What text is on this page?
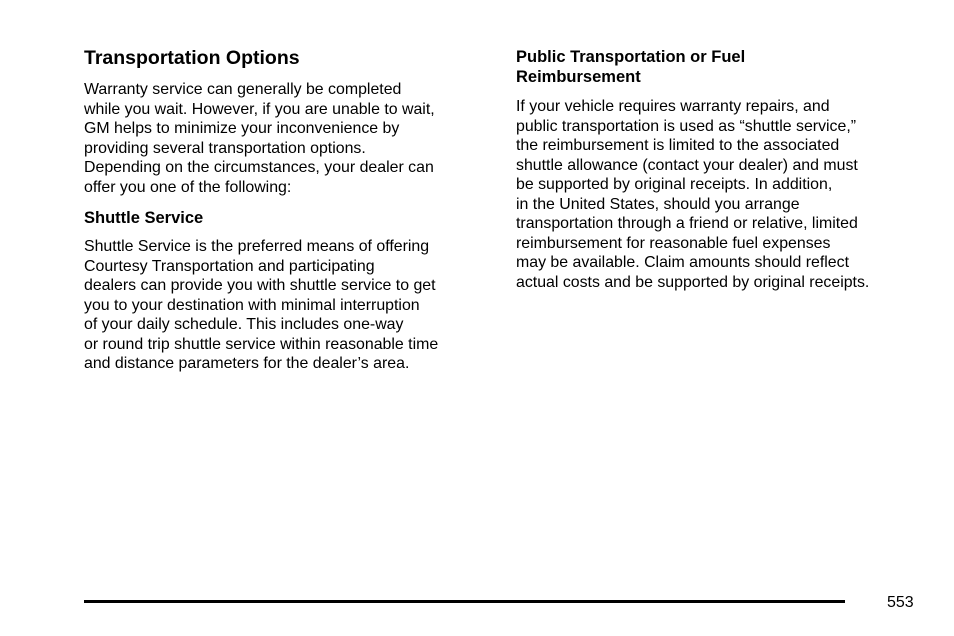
Transportation Options

Warranty service can generally be completed
while you wait. However, if you are unable to wait,
GM helps to minimize your inconvenience by
providing several transportation options.
Depending on the circumstances, your dealer can
offer you one of the following:

Shuttle Service

Shuttle Service is the preferred means of offering
Courtesy Transportation and participating
dealers can provide you with shuttle service to get
you to your destination with minimal interruption
of your daily schedule. This includes one-way
or round trip shuttle service within reasonable time
and distance parameters for the dealer’s area.

Public Transportation or Fuel
Reimbursement

If your vehicle requires warranty repairs, and
public transportation is used as “shuttle service,”
the reimbursement is limited to the associated
shuttle allowance (contact your dealer) and must
be supported by original receipts. In addition,
in the United States, should you arrange
transportation through a friend or relative, limited
reimbursement for reasonable fuel expenses
may be available. Claim amounts should reflect
actual costs and be supported by original receipts.

553
